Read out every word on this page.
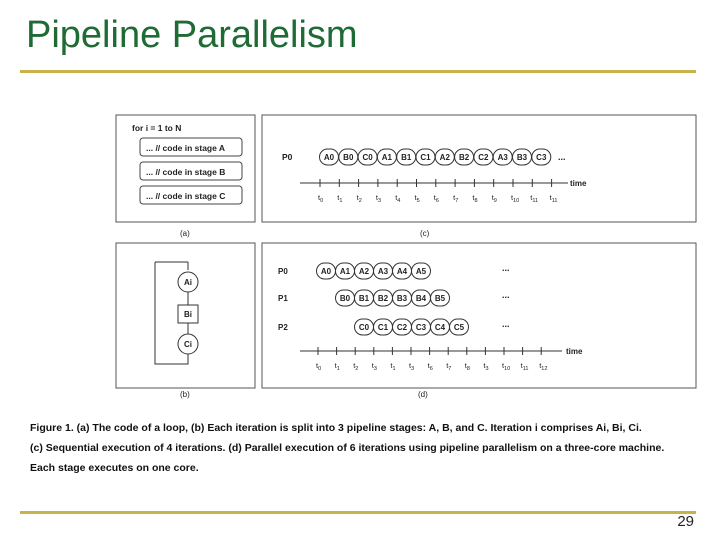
Pipeline Parallelism
for i = 1 to N
... // code in stage A
... // code in stage B
... // code in stage C
(a)
Ai
Bi
Ci
(b)
P0	A0 B0 C0 A1 B1 C1 A2 B2 C2 A3 B3 C3 ...
time
$t_0$ $t_1$ $t_2$ $t_3$ $t_4$ $t_5$ $t_6$ $t_7$ $t_8$ $t_9$ $t_{10}$ $t_{11}$ $t_{11}$
(c)
P0	A0 A1 A2 A3 A4 A5	...
P1	B0 B1 B2 B3 B4 B5	...
P2	C0 C1 C2 C3 C4 C5	...
time
$t_0$ $t_1$ $t_2$ $t_3$ $t_1$ $t_3$ $t_6$ $t_7$ $t_8$ $t_3$ $t_{10}$ $t_{11}$ $t_{12}$
(d)
Figure 1. (a) The code of a loop, (b) Each iteration is split into 3 pipeline stages: A, B, and C. Iteration i comprises Ai, Bi, Ci.
(c) Sequential execution of 4 iterations. (d) Parallel execution of 6 iterations using pipeline parallelism on a three-core machine.
Each stage executes on one core.
29
